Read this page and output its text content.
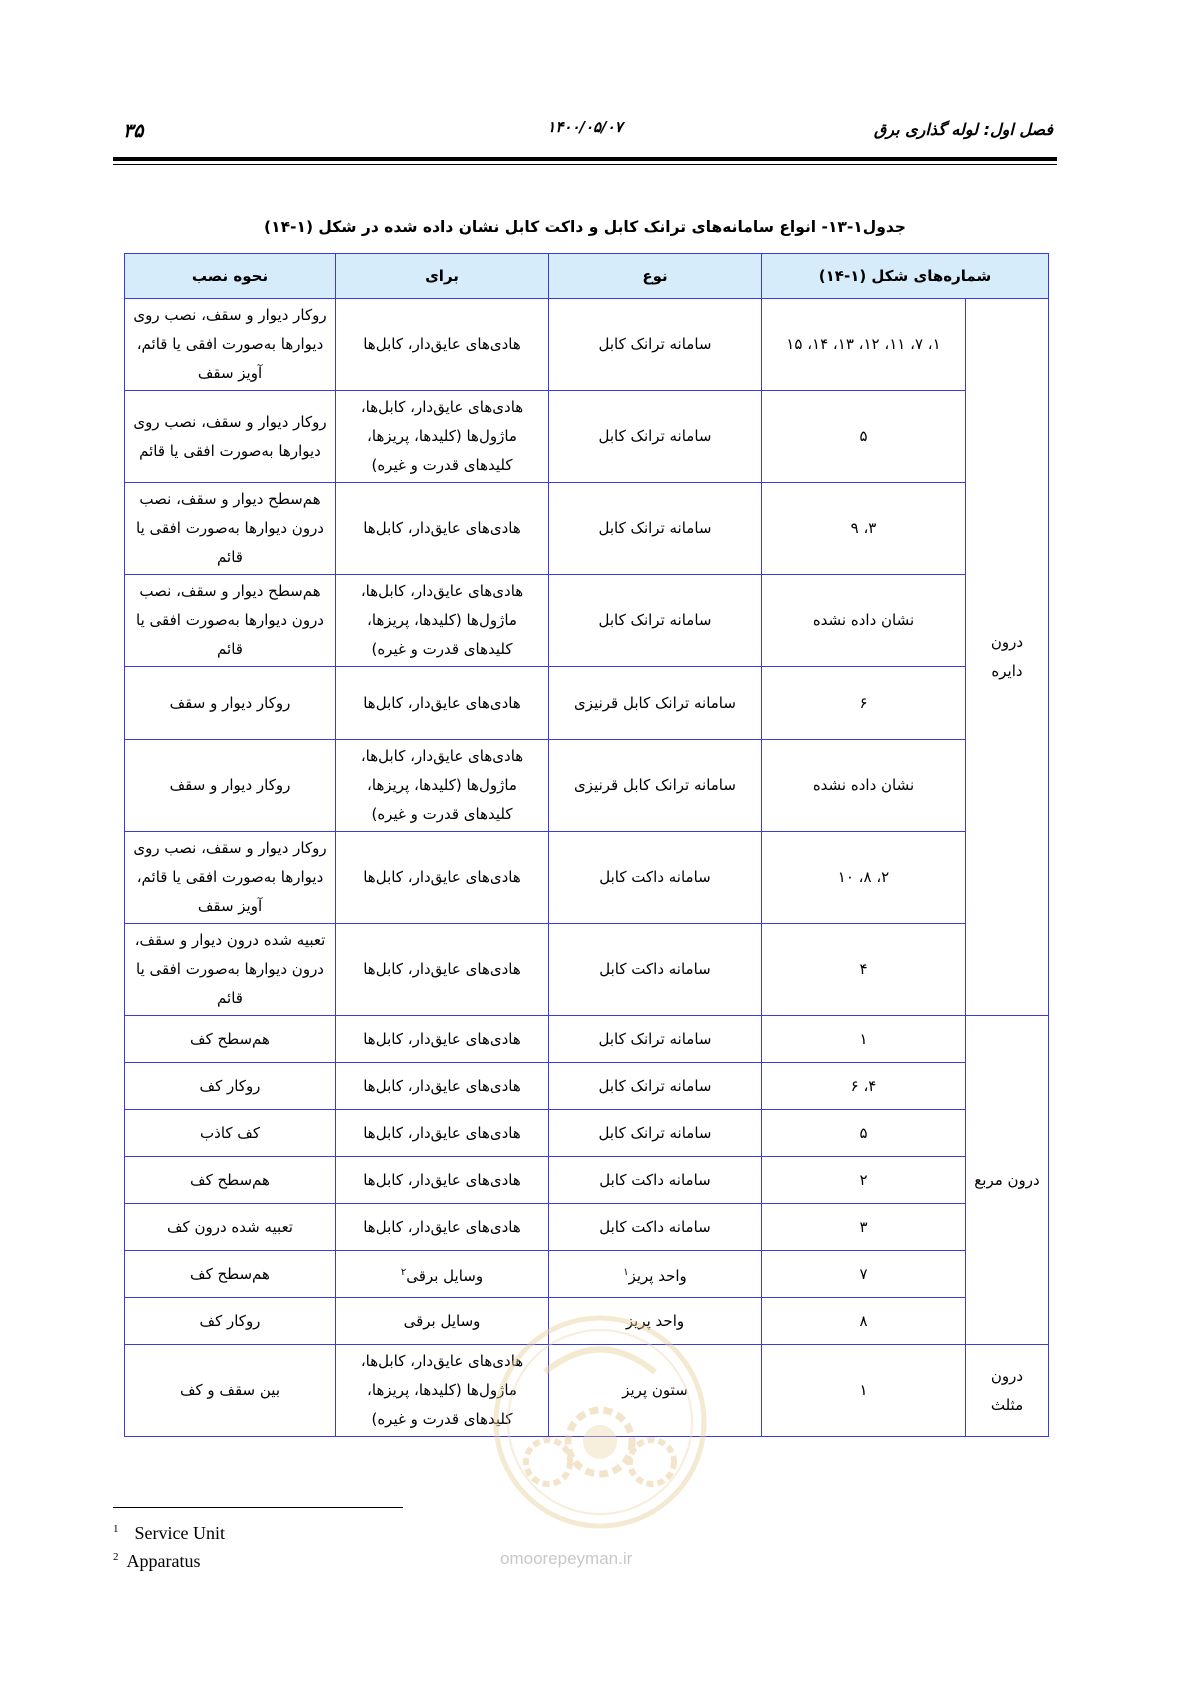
۳۵	۱۴۰۰/۰۵/۰۷	فصل اول: لوله گذاری برق
جدول۱-۱۳- انواع سامانه‌های ترانک کابل و داکت کابل نشان داده شده در شکل (۱-۱۴)
شماره‌های شکل (۱-۱۴)		نوع	برای	نحوه نصب
درون دایره	۱، ۷، ۱۱، ۱۲، ۱۳، ۱۴، ۱۵	سامانه ترانک کابل	هادی‌های عایق‌دار، کابل‌ها	روکار دیوار و سقف، نصب روی دیوارها به‌صورت افقی یا قائم، آویز سقف
	۵	سامانه ترانک کابل	هادی‌های عایق‌دار، کابل‌ها، ماژول‌ها (کلیدها، پریزها، کلیدهای قدرت و غیره)	روکار دیوار و سقف، نصب روی دیوارها به‌صورت افقی یا قائم
	۳، ۹	سامانه ترانک کابل	هادی‌های عایق‌دار، کابل‌ها	هم‌سطح دیوار و سقف، نصب درون دیوارها به‌صورت افقی یا قائم
	نشان داده نشده	سامانه ترانک کابل	هادی‌های عایق‌دار، کابل‌ها، ماژول‌ها (کلیدها، پریزها، کلیدهای قدرت و غیره)	هم‌سطح دیوار و سقف، نصب درون دیوارها به‌صورت افقی یا قائم
	۶	سامانه ترانک کابل قرنیزی	هادی‌های عایق‌دار، کابل‌ها	روکار دیوار و سقف
	نشان داده نشده	سامانه ترانک کابل قرنیزی	هادی‌های عایق‌دار، کابل‌ها، ماژول‌ها (کلیدها، پریزها، کلیدهای قدرت و غیره)	روکار دیوار و سقف
	۲، ۸، ۱۰	سامانه داکت کابل	هادی‌های عایق‌دار، کابل‌ها	روکار دیوار و سقف، نصب روی دیوارها به‌صورت افقی یا قائم، آویز سقف
	۴	سامانه داکت کابل	هادی‌های عایق‌دار، کابل‌ها	تعبیه شده درون دیوار و سقف، درون دیوارها به‌صورت افقی یا قائم
درون مربع	۱	سامانه ترانک کابل	هادی‌های عایق‌دار، کابل‌ها	هم‌سطح کف
	۴، ۶	سامانه ترانک کابل	هادی‌های عایق‌دار، کابل‌ها	روکار کف
	۵	سامانه ترانک کابل	هادی‌های عایق‌دار، کابل‌ها	کف کاذب
	۲	سامانه داکت کابل	هادی‌های عایق‌دار، کابل‌ها	هم‌سطح کف
	۳	سامانه داکت کابل	هادی‌های عایق‌دار، کابل‌ها	تعبیه شده درون کف
	۷	واحد پریز$^۱$	وسایل برقی$^۲$	هم‌سطح کف
	۸	واحد پریز	وسایل برقی	روکار کف
درون مثلث	۱	ستون پریز	هادی‌های عایق‌دار، کابل‌ها، ماژول‌ها (کلیدها، پریزها، کلیدهای قدرت و غیره)	بین سقف و کف
omoorepeyman.ir
$^1$ Service Unit
$^2$ Apparatus
